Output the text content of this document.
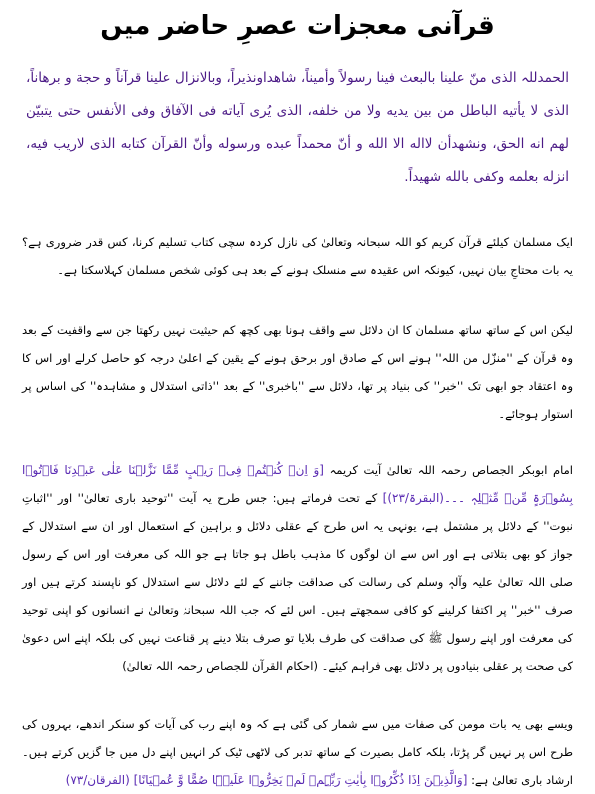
قرآنی معجزات عصرِ حاضر میں

الحمدللہ الذی منّ علینا بالبعث فینا رسولاً وأمیناً، شاھداونذیراً، وبالانزال علینا قرآناً و حجة و برھاناً، الذی لا یأتیه الباطل من بین یدیه ولا من خلفه، الذی یُری آیاته فی الآفاق وفی الأنفس حتی یتبیّن لھم انه الحق، ونشھدأن لااله الا الله و أنّ محمداً عبده ورسوله وأنّ القرآن کتابه الذی لاریب فیه، انزله بعلمه وکفی بالله شھیداً.

ایک مسلمان کیلئے قرآن کریم کو اللہ سبحانہ وتعالیٰ کی نازل کردہ سچی کتاب تسلیم کرنا، کس قدر ضروری ہے؟ یہ بات محتاجِ بیان نہیں، کیونکہ اس عقیدہ سے منسلک ہونے کے بعد ہی کوئی شخص مسلمان کہلاسکتا ہے۔

لیکن اس کے ساتھ ساتھ مسلمان کا ان دلائل سے واقف ہونا بھی کچھ کم حیثیت نہیں رکھتا جن سے واقفیت کے بعد وہ قرآن کے ''منزّل من اللہ'' ہونے اس کے صادق اور برحق ہونے کے یقین کے اعلیٰ درجہ کو حاصل کرلے اور اس کا وہ اعتقاد جو ابھی تک ''خبر'' کی بنیاد پر تھا، دلائل سے ''باخبری'' کے بعد ''ذاتی استدلال و مشاہدہ'' کی اساس پر استوار ہوجائے۔

امام ابوبکر الجصاص رحمہ اللہ تعالیٰ آیت کریمہ [وَ اِنۡ کُنۡتُمۡ فِیۡ رَیۡبٍ مِّمَّا نَزَّلۡنَا عَلٰی عَبۡدِنَا فَاۡتُوۡا بِسُوۡرَۃٍ مِّنۡ مِّثۡلِہٖ ۔۔۔(البقرۃ/۲۳)] کے تحت فرماتے ہیں: جس طرح یہ آیت ''توحید باری تعالیٰ'' اور ''اثباتِ نبوت'' کے دلائل پر مشتمل ہے، یونہی یہ اس طرح کے عقلی دلائل و براہین کے استعمال اور ان سے استدلال کے جواز کو بھی بتلاتی ہے اور اس سے ان لوگوں کا مذہب باطل ہو جاتا ہے جو اللہ کی معرفت اور اس کے رسول صلی اللہ تعالیٰ علیہ وآلہٖ وسلم کی رسالت کی صداقت جاننے کے لئے دلائل سے استدلال کو ناپسند کرتے ہیں اور صرف ''خبر'' پر اکتفا کرلینے کو کافی سمجھتے ہیں۔ اس لئے کہ جب اللہ سبحانہٗ وتعالیٰ نے انسانوں کو اپنی توحید کی معرفت اور اپنے رسول ﷺ کی صداقت کی طرف بلایا تو صرف بتلا دینے پر قناعت نہیں کی بلکہ اپنے اس دعویٰ کی صحت پر عقلی بنیادوں پر دلائل بھی فراہم کیئے۔ (احکام القرآن للجصاص رحمہ اللہ تعالیٰ)

ویسے بھی یہ بات مومن کی صفات میں سے شمار کی گئی ہے کہ وہ اپنے رب کی آیات کو سنکر اندھے، بہروں کی طرح اس پر نہیں گر پڑتا، بلکہ کامل بصیرت کے ساتھ تدبر کی لاٹھی ٹیک کر انہیں اپنے دل میں جا گزیں کرتے ہیں۔ ارشاد باری تعالیٰ ہے: [وَالَّذِیۡنَ اِذَا ذُکِّرُوۡا بِاٰیٰتِ رَبِّہِمۡ لَمۡ یَخِرُّوۡا عَلَیۡہَا صُمًّا وَّ عُمۡیَانًا] (الفرقان/۷۳)
